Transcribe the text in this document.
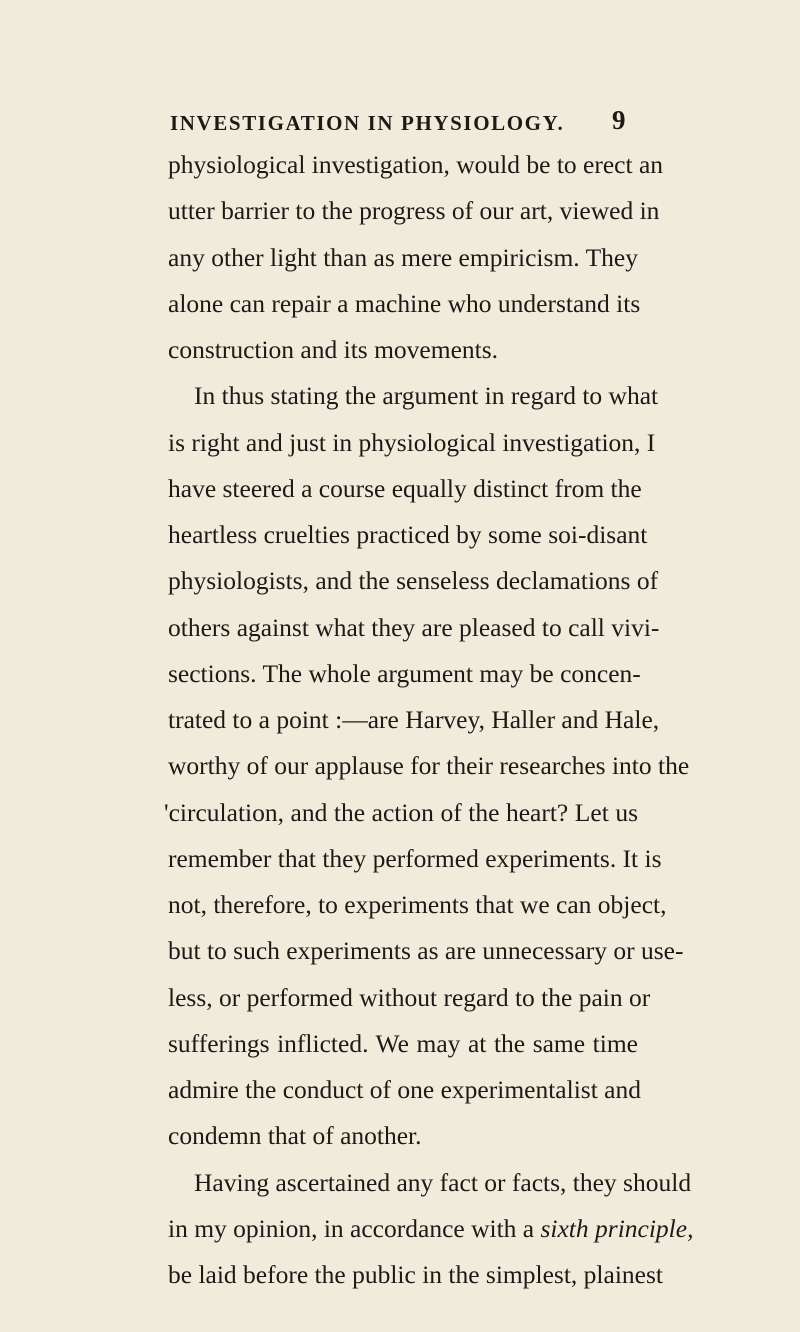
INVESTIGATION IN PHYSIOLOGY. 9
physiological investigation, would be to erect an
utter barrier to the progress of our art, viewed in
any other light than as mere empiricism. They
alone can repair a machine who understand its
construction and its movements.
In thus stating the argument in regard to what
is right and just in physiological investigation, I
have steered a course equally distinct from the
heartless cruelties practiced by some soi-disant
physiologists, and the senseless declamations of
others against what they are pleased to call vivi-
sections. The whole argument may be concen-
trated to a point :—are Harvey, Haller and Hale,
worthy of our applause for their researches into the
'circulation, and the action of the heart? Let us
remember that they performed experiments. It is
not, therefore, to experiments that we can object,
but to such experiments as are unnecessary or use-
less, or performed without regard to the pain or
sufferings inflicted. We may at the same time
admire the conduct of one experimentalist and
condemn that of another.
Having ascertained any fact or facts, they should
in my opinion, in accordance with a sixth principle,
be laid before the public in the simplest, plainest
